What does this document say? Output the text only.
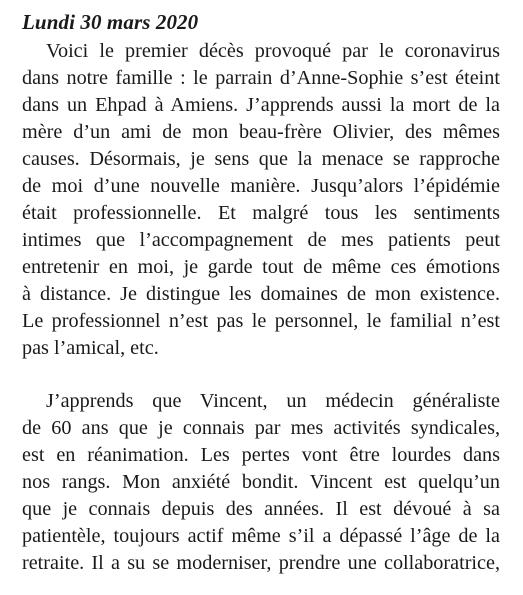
Lundi 30 mars 2020
Voici le premier décès provoqué par le coronavirus
dans notre famille : le parrain d’Anne-Sophie s’est éteint
dans un Ehpad à Amiens. J’apprends aussi la mort de la
mère d’un ami de mon beau-frère Olivier, des mêmes
causes. Désormais, je sens que la menace se rapproche
de moi d’une nouvelle manière. Jusqu’alors l’épidémie
était professionnelle. Et malgré tous les sentiments
intimes que l’accompagnement de mes patients peut
entretenir en moi, je garde tout de même ces émotions
à distance. Je distingue les domaines de mon existence.
Le professionnel n’est pas le personnel, le familial n’est
pas l’amical, etc.
J’apprends que Vincent, un médecin généraliste
de 60 ans que je connais par mes activités syndicales,
est en réanimation. Les pertes vont être lourdes dans
nos rangs. Mon anxiété bondit. Vincent est quelqu’un
que je connais depuis des années. Il est dévoué à sa
patientèle, toujours actif même s’il a dépassé l’âge de la
retraite. Il a su se moderniser, prendre une collaboratrice,
